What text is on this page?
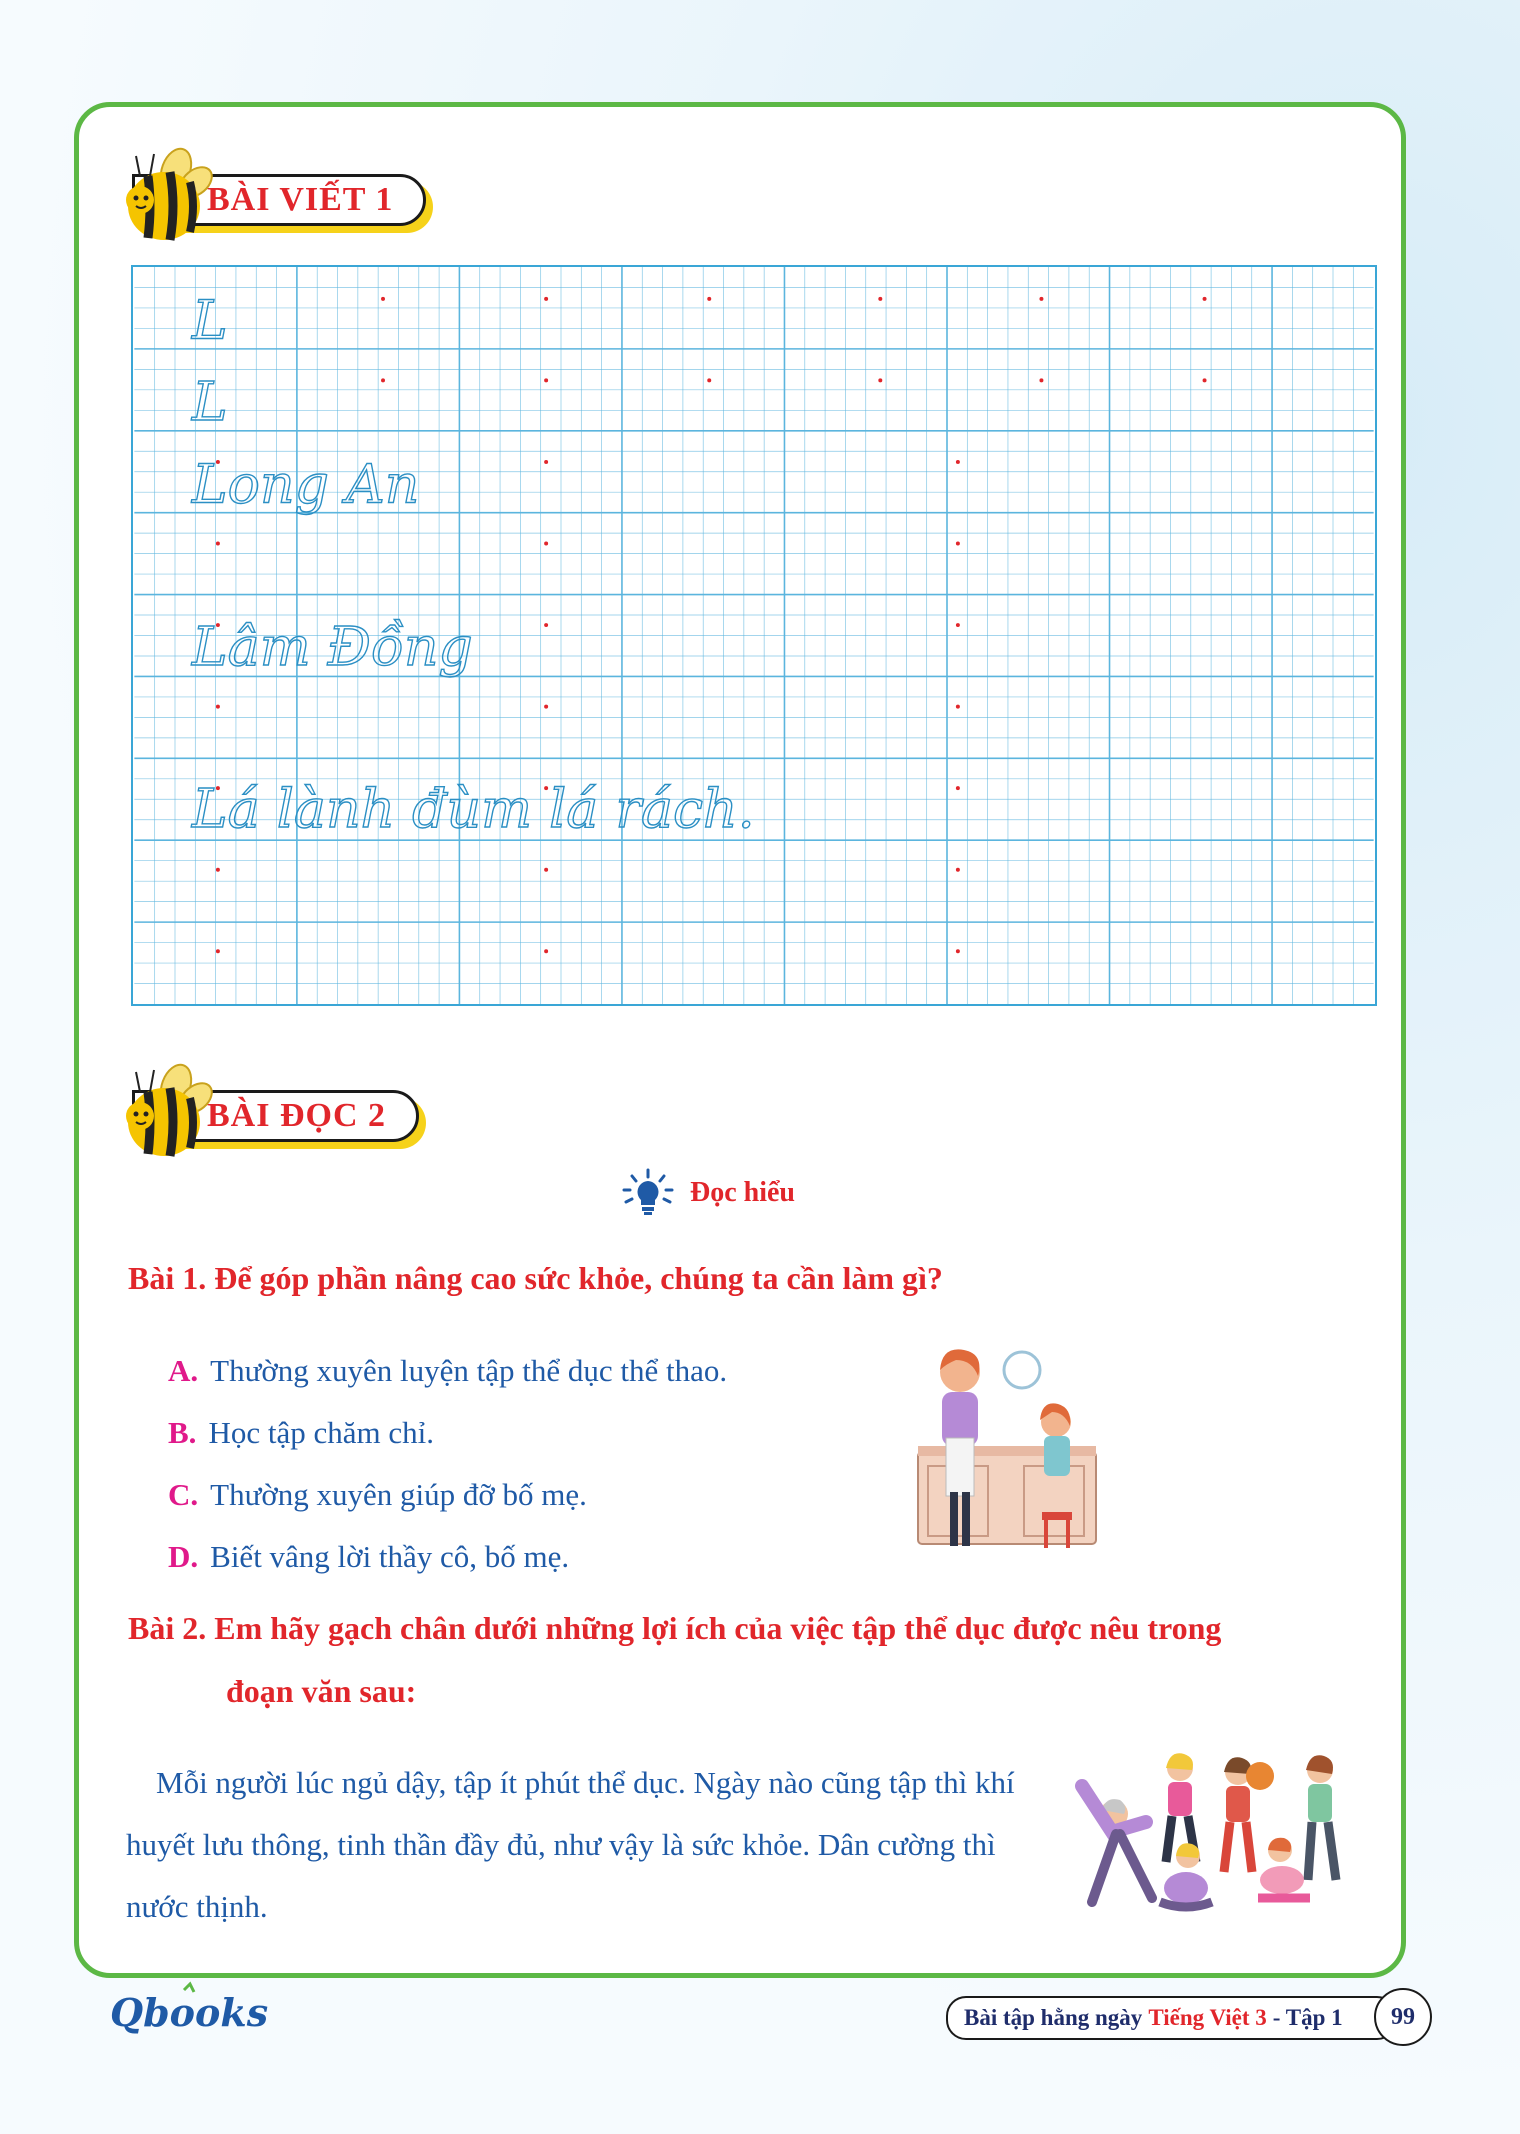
BÀI VIẾT 1
L
L
Long An
Lâm Đồng
Lá lành đùm lá rách.
BÀI ĐỌC 2
Đọc hiểu
Bài 1. Để góp phần nâng cao sức khỏe, chúng ta cần làm gì?
A. Thường xuyên luyện tập thể dục thể thao.
B. Học tập chăm chỉ.
C. Thường xuyên giúp đỡ bố mẹ.
D. Biết vâng lời thầy cô, bố mẹ.
Bài 2. Em hãy gạch chân dưới những lợi ích của việc tập thể dục được nêu trong
đoạn văn sau:
Mỗi người lúc ngủ dậy, tập ít phút thể dục. Ngày nào cũng tập thì khí huyết lưu thông, tinh thần đầy đủ, như vậy là sức khỏe. Dân cường thì nước thịnh.
Qbooks	Bài tập hằng ngày Tiếng Việt 3 - Tập 1	99
